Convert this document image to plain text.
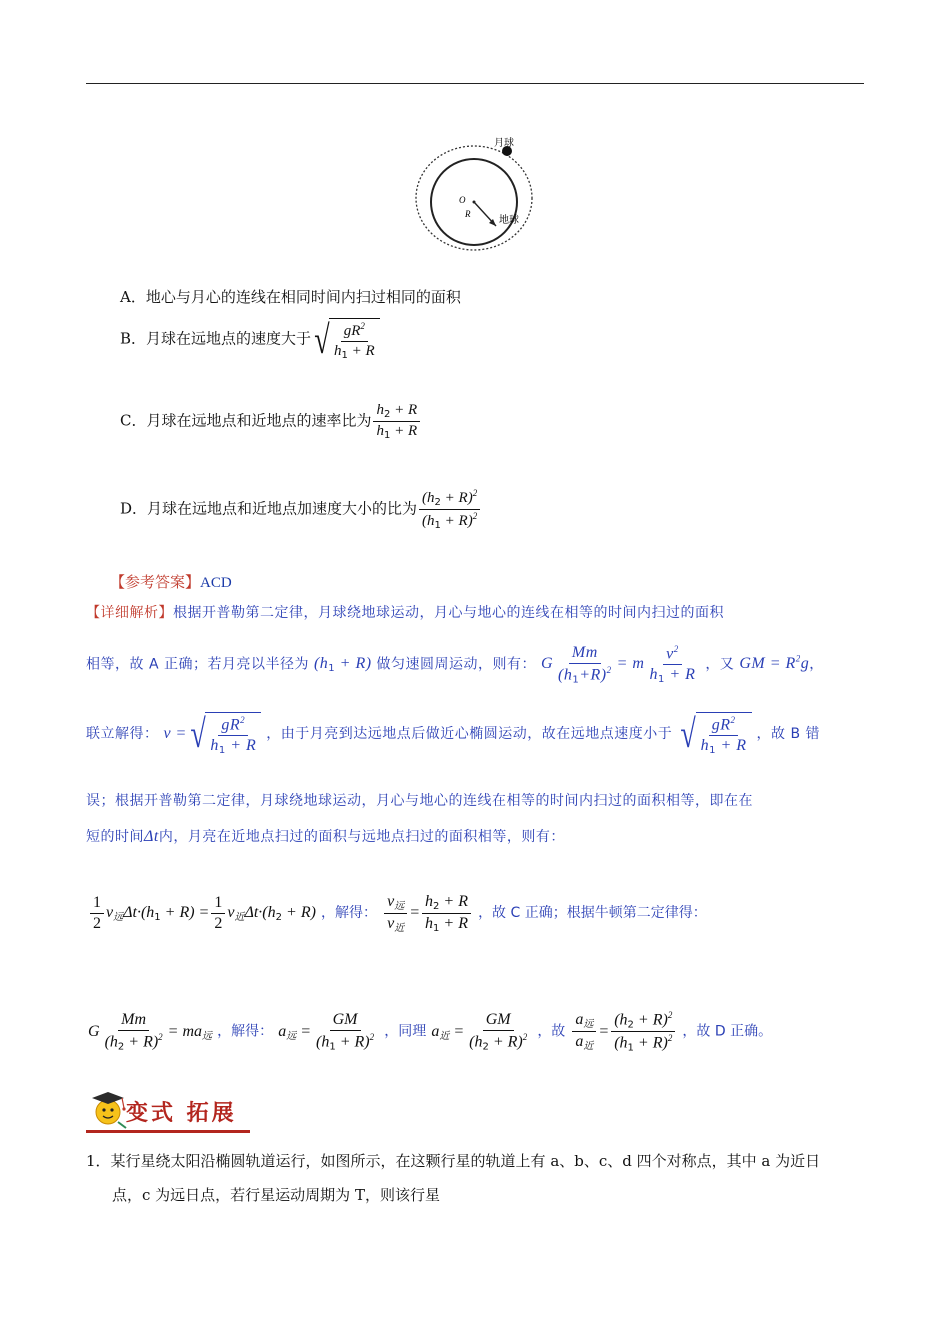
月球
O
R
地球
A．地心与月心的连线在相同时间内扫过相同的面积
B．月球在远地点的速度大于 √ $\frac{gR^2}{h_1 + R}$
C．月球在远地点和近地点的速率比为 $\frac{h_2 + R}{h_1 + R}$
D．月球在远地点和近地点加速度大小的比为 $\frac{(h_2 + R)^2}{(h_1 + R)^2}$
【参考答案】ACD
【详细解析】根据开普勒第二定律，月球绕地球运动，月心与地心的连线在相等的时间内扫过的面积
相等，故 A 正确；若月亮以半径为 $(h_1 + R)$ 做匀速圆周运动，则有： G $\frac{Mm}{(h_1+R)^2} = m \frac{v^2}{h_1 + R}$ ，又 GM = $R^2g$，
联立解得： v = √ $\frac{gR^2}{h_1 + R}$ ，由于月亮到达远地点后做近心椭圆运动，故在远地点速度小于 √ $\frac{gR^2}{h_1 + R}$ ，故 B 错
误；根据开普勒第二定律，月球绕地球运动，月心与地心的连线在相等的时间内扫过的面积相等，即在在
短的时间Δt内，月亮在近地点扫过的面积与远地点扫过的面积相等，则有：
$\frac{1}{2}$ v远$\Delta t\cdot(h_1 + R) = \frac{1}{2}$ v近$\Delta t\cdot(h_2 + R)$ ，解得： $\frac{\text{v远}}{\text{v近}} = \frac{h_2 + R}{h_1 + R}$ ，故 C 正确；根据牛顿第二定律得：
G $\frac{Mm}{(h_2 + R)^2}$ = ma远 ，解得： a远 = $\frac{GM}{(h_1 + R)^2}$ ，同理 a近 = $\frac{GM}{(h_2 + R)^2}$ ，故 $\frac{\text{a远}}{\text{a近}} = \frac{(h_2 + R)^2}{(h_1 + R)^2}$ ，故 D 正确。
变式 拓展
1．某行星绕太阳沿椭圆轨道运行，如图所示，在这颗行星的轨道上有 a、b、c、d 四个对称点，其中 a 为近日
点，c 为远日点，若行星运动周期为 T，则该行星
